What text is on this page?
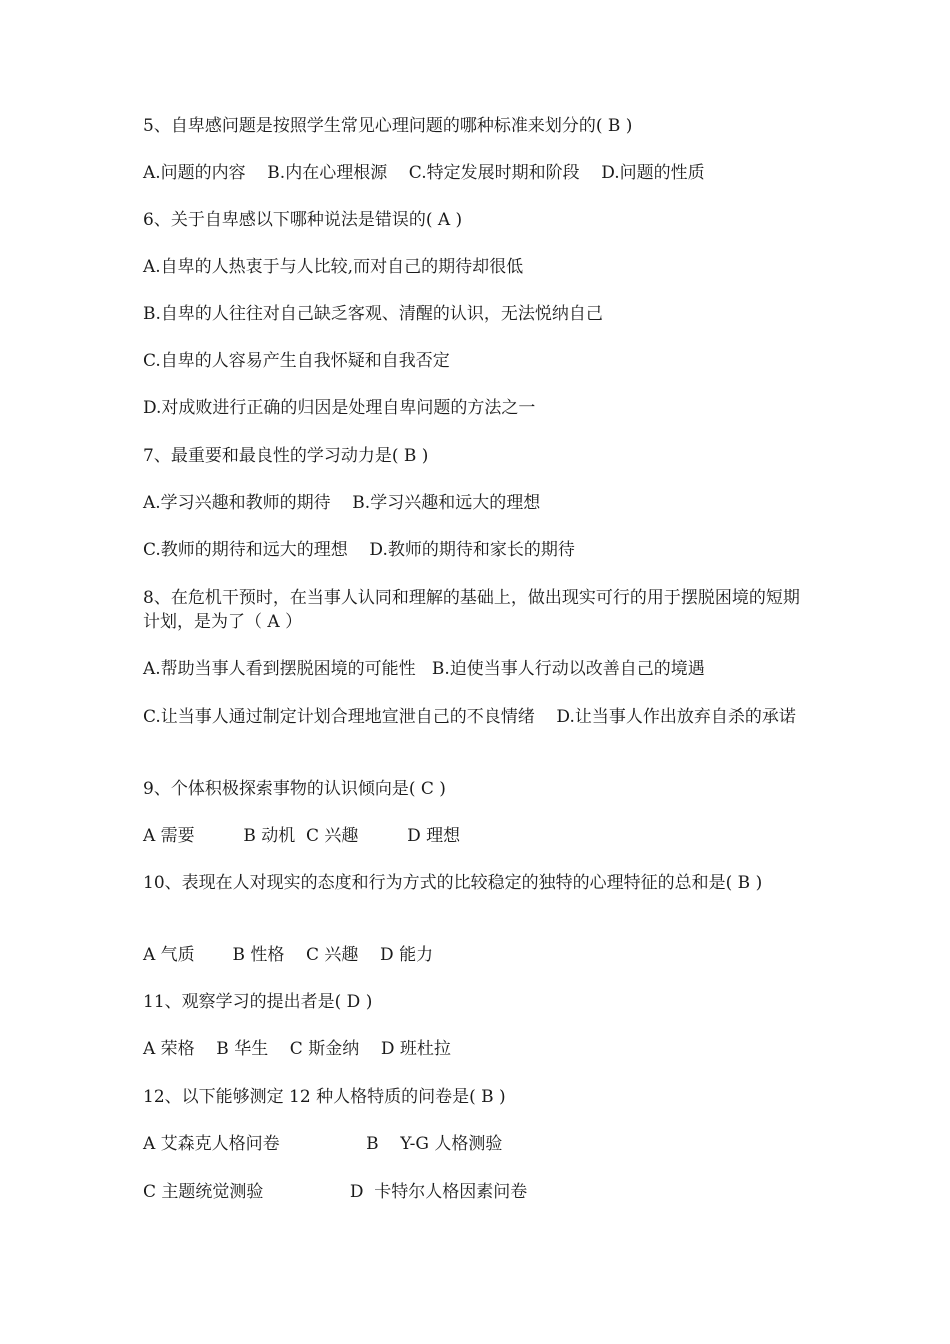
5、自卑感问题是按照学生常见心理问题的哪种标准来划分的( B )

A.问题的内容    B.内在心理根源    C.特定发展时期和阶段    D.问题的性质

6、关于自卑感以下哪种说法是错误的( A )

A.自卑的人热衷于与人比较,而对自己的期待却很低

B.自卑的人往往对自己缺乏客观、清醒的认识，无法悦纳自己

C.自卑的人容易产生自我怀疑和自我否定

D.对成败进行正确的归因是处理自卑问题的方法之一

7、最重要和最良性的学习动力是( B )

A.学习兴趣和教师的期待    B.学习兴趣和远大的理想

C.教师的期待和远大的理想    D.教师的期待和家长的期待

8、在危机干预时，在当事人认同和理解的基础上，做出现实可行的用于摆脱困境的短期计划，是为了（ A ）

A.帮助当事人看到摆脱困境的可能性   B.迫使当事人行动以改善自己的境遇

C.让当事人通过制定计划合理地宣泄自己的不良情绪    D.让当事人作出放弃自杀的承诺

9、个体积极探索事物的认识倾向是( C )

A 需要         B 动机  C 兴趣         D 理想

10、表现在人对现实的态度和行为方式的比较稳定的独特的心理特征的总和是( B )

A 气质       B 性格    C 兴趣    D 能力

11、观察学习的提出者是( D )

A 荣格    B 华生    C 斯金纳    D 班杜拉

12、以下能够测定 12 种人格特质的问卷是( B )

A 艾森克人格问卷                B    Y-G 人格测验

C 主题统觉测验                D  卡特尔人格因素问卷
